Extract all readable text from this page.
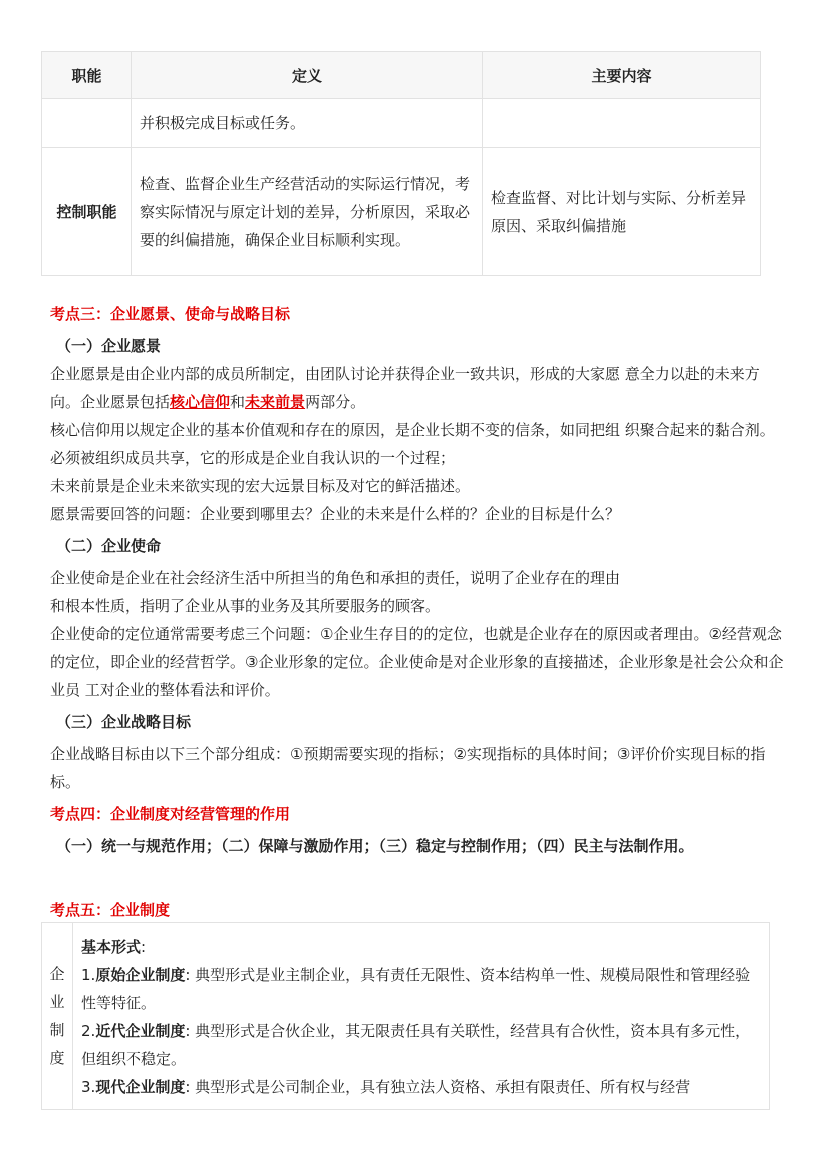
职能	定义	主要内容
	并积极完成目标或任务。	
控制职能	检查、监督企业生产经营活动的实际运行情况，考察实际情况与原定计划的差异，分析原因，采取必要的纠偏措施，确保企业目标顺利实现。	检查监督、对比计划与实际、分析差异原因、采取纠偏措施
考点三：企业愿景、使命与战略目标
（一）企业愿景

企业愿景是由企业内部的成员所制定，由团队讨论并获得企业一致共识，形成的大家愿 意全力以赴的未来方向。企业愿景包括核心信仰和未来前景两部分。

核心信仰用以规定企业的基本价值观和存在的原因，是企业长期不变的信条，如同把组 织聚合起来的黏合剂。必须被组织成员共享，它的形成是企业自我认识的一个过程；

未来前景是企业未来欲实现的宏大远景目标及对它的鲜活描述。
愿景需要回答的问题：企业要到哪里去？企业的未来是什么样的？企业的目标是什么？
（二）企业使命
企业使命是企业在社会经济生活中所担当的角色和承担的责任，说明了企业存在的理由
和根本性质，指明了企业从事的业务及其所要服务的顾客。

企业使命的定位通常需要考虑三个问题：①企业生存目的的定位，也就是企业存在的原因或者理由。②经营观念的定位，即企业的经营哲学。③企业形象的定位。企业使命是对企业形象的直接描述，企业形象是社会公众和企业员 工对企业的整体看法和评价。

（三）企业战略目标

企业战略目标由以下三个部分组成：①预期需要实现的指标；②实现指标的具体时间；③评价价实现目标的指标。

考点四：企业制度对经营管理的作用
（一）统一与规范作用；（二）保障与激励作用；（三）稳定与控制作用；（四）民主与法制作用。
考点五：企业制度
企
业
制
度

基本形式:
1.原始企业制度: 典型形式是业主制企业，具有责任无限性、资本结构单一性、规模局限性和管理经验性等特征。
2.近代企业制度: 典型形式是合伙企业，其无限责任具有关联性，经营具有合伙性，资本具有多元性，但组织不稳定。
3.现代企业制度: 典型形式是公司制企业，具有独立法人资格、承担有限责任、所有权与经营
